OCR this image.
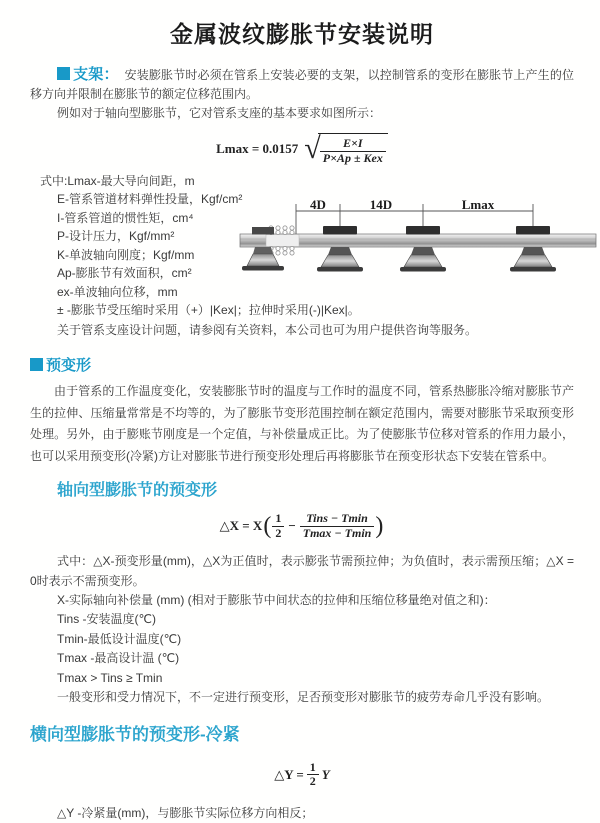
金属波纹膨胀节安装说明

支架： 安装膨胀节时必须在管系上安装必要的支架，以控制管系的变形在膨胀节上产生的位移方向并限制在膨胀节的额定位移范围内。

例如对于轴向型膨胀节，它对管系支座的基本要求如图所示：

Lmax = 0.0157 √ $\frac{E\times I}{\text{P×Ap ± Kex}}$
式中:Lmax-最大导向间距，m
E-管系管道材料弹性投量，Kgf/cm²
I-管系管道的惯性矩，cm⁴
P-设计压力，Kgf/mm²
K-单波轴向刚度；Kgf/mm
Ap-膨胀节有效面积，cm²
ex-单波轴向位移，mm
4D	14D	Lmax

± -膨胀节受压缩时采用（+）|Kex|；拉伸时采用(-)|Kex|。

关于管系支座设计问题，请参阅有关资料，本公司也可为用户提供咨询等服务。

预变形

由于管系的工作温度变化，安装膨胀节时的温度与工作时的温度不同，管系热膨胀冷缩对膨胀节产生的拉伸、压缩量常常是不均等的，为了膨胀节变形范围控制在额定范围内，需要对膨胀节采取预变形处理。另外，由于膨账节刚度是一个定值，与补偿量成正比。为了使膨胀节位移对管系的作用力最小，也可以采用预变形(冷紧)方让对膨胀节进行预变形处理后再将膨胀节在预变形状态下安装在管系中。

轴向型膨胀节的预变形
△X = X ( $\frac{1}{2} - \frac{\text{Tins − Tmin}}{Tmax - Tmin}$ )

式中：△X-预变形量(mm)，△X为正值时，表示膨张节需预拉伸；为负值时，表示需预压缩；△X = 0时表示不需预变形。

X-实际轴向补偿量 (mm) (相对于膨胀节中间状态的拉伸和压缩位移量绝对值之和)：

Tins -安装温度(℃)

Tmin-最低设计温度(℃)

Tmax -最高设计温 (℃)

Tmax > Tins ≥ Tmin

一般变形和受力情况下，不一定进行预变形，足否预变形对膨胀节的疲劳寿命几乎没有影响。

横向型膨胀节的预变形-冷紧
△Y = $\frac{1}{2}$ Y

△Y -冷紧量(mm)，与膨胀节实际位移方向相反；
